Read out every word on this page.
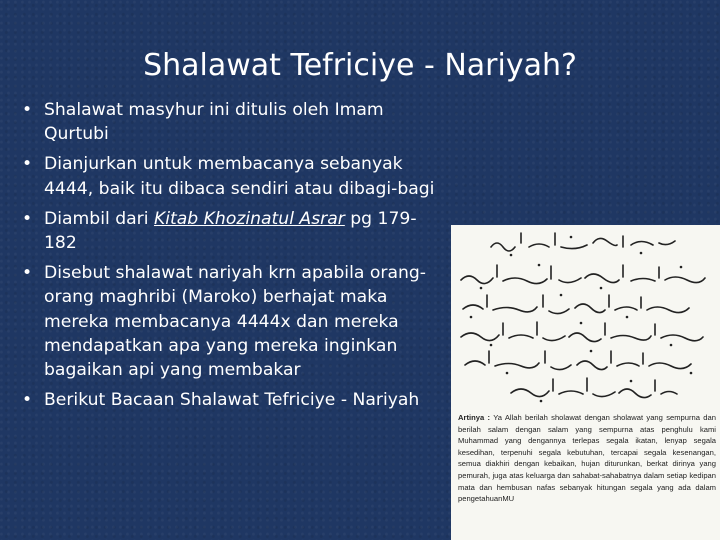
Shalawat Tefriciye - Nariyah?
• Shalawat masyhur ini ditulis oleh Imam Qurtubi
• Dianjurkan untuk membacanya sebanyak 4444, baik itu dibaca sendiri atau dibagi-bagi
• Diambil dari Kitab Khozinatul Asrar pg 179-182
• Disebut shalawat nariyah krn apabila orang-orang maghribi (Maroko) berhajat maka mereka membacanya 4444x dan mereka mendapatkan apa yang mereka inginkan bagaikan api yang membakar
• Berikut Bacaan Shalawat Tefriciye - Nariyah
Artinya : Ya Allah berilah sholawat dengan sholawat yang sempurna dan berilah salam dengan salam yang sempurna atas penghulu kami Muhammad yang dengannya terlepas segala ikatan, lenyap segala kesedihan, terpenuhi segala kebutuhan, tercapai segala kesenangan, semua diakhiri dengan kebaikan, hujan diturunkan, berkat dirinya yang pemurah, juga atas keluarga dan sahabat-sahabatnya dalam setiap kedipan mata dan hembusan nafas sebanyak hitungan segala yang ada dalam pengetahuanMU
